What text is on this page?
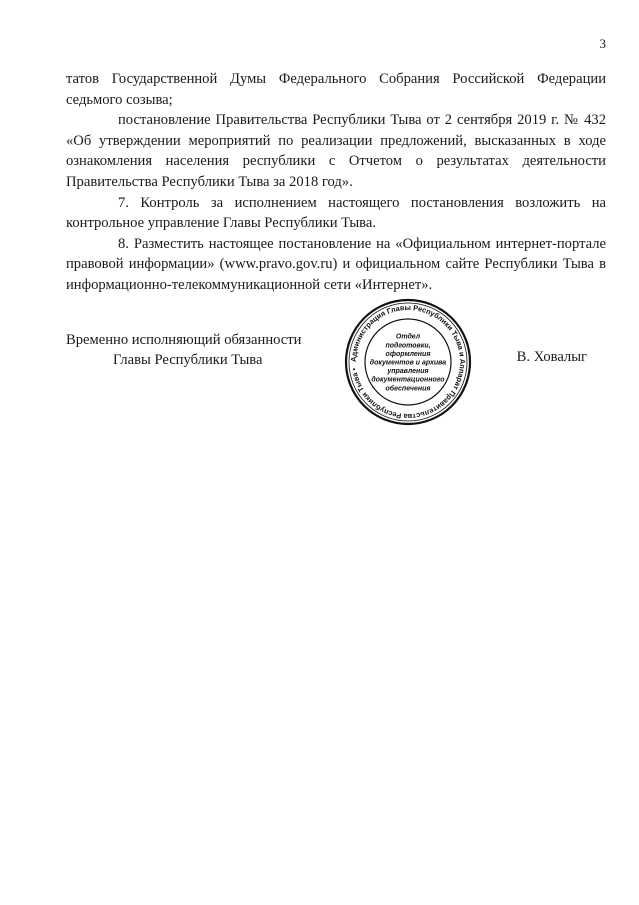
3

татов Государственной Думы Федерального Собрания Российской Федерации седьмого созыва;

постановление Правительства Республики Тыва от 2 сентября 2019 г. № 432 «Об утверждении мероприятий по реализации предложений, высказанных в ходе ознакомления населения республики с Отчетом о результатах деятельности Правительства Республики Тыва за 2018 год».

7. Контроль за исполнением настоящего постановления возложить на контрольное управление Главы Республики Тыва.

8. Разместить настоящее постановление на «Официальном интернет-портале правовой информации» (www.pravo.gov.ru) и официальном сайте Республики Тыва в информационно-телекоммуникационной сети «Интернет».

Временно исполняющий обязанности
Главы Республики Тыва	Администрация Главы Республики Тыва и Аппарат Правительства Республики Тыва •
Отдел
подготовки,
оформления
документов и архива
управления
документационного
обеспечения
В. Ховалыг
